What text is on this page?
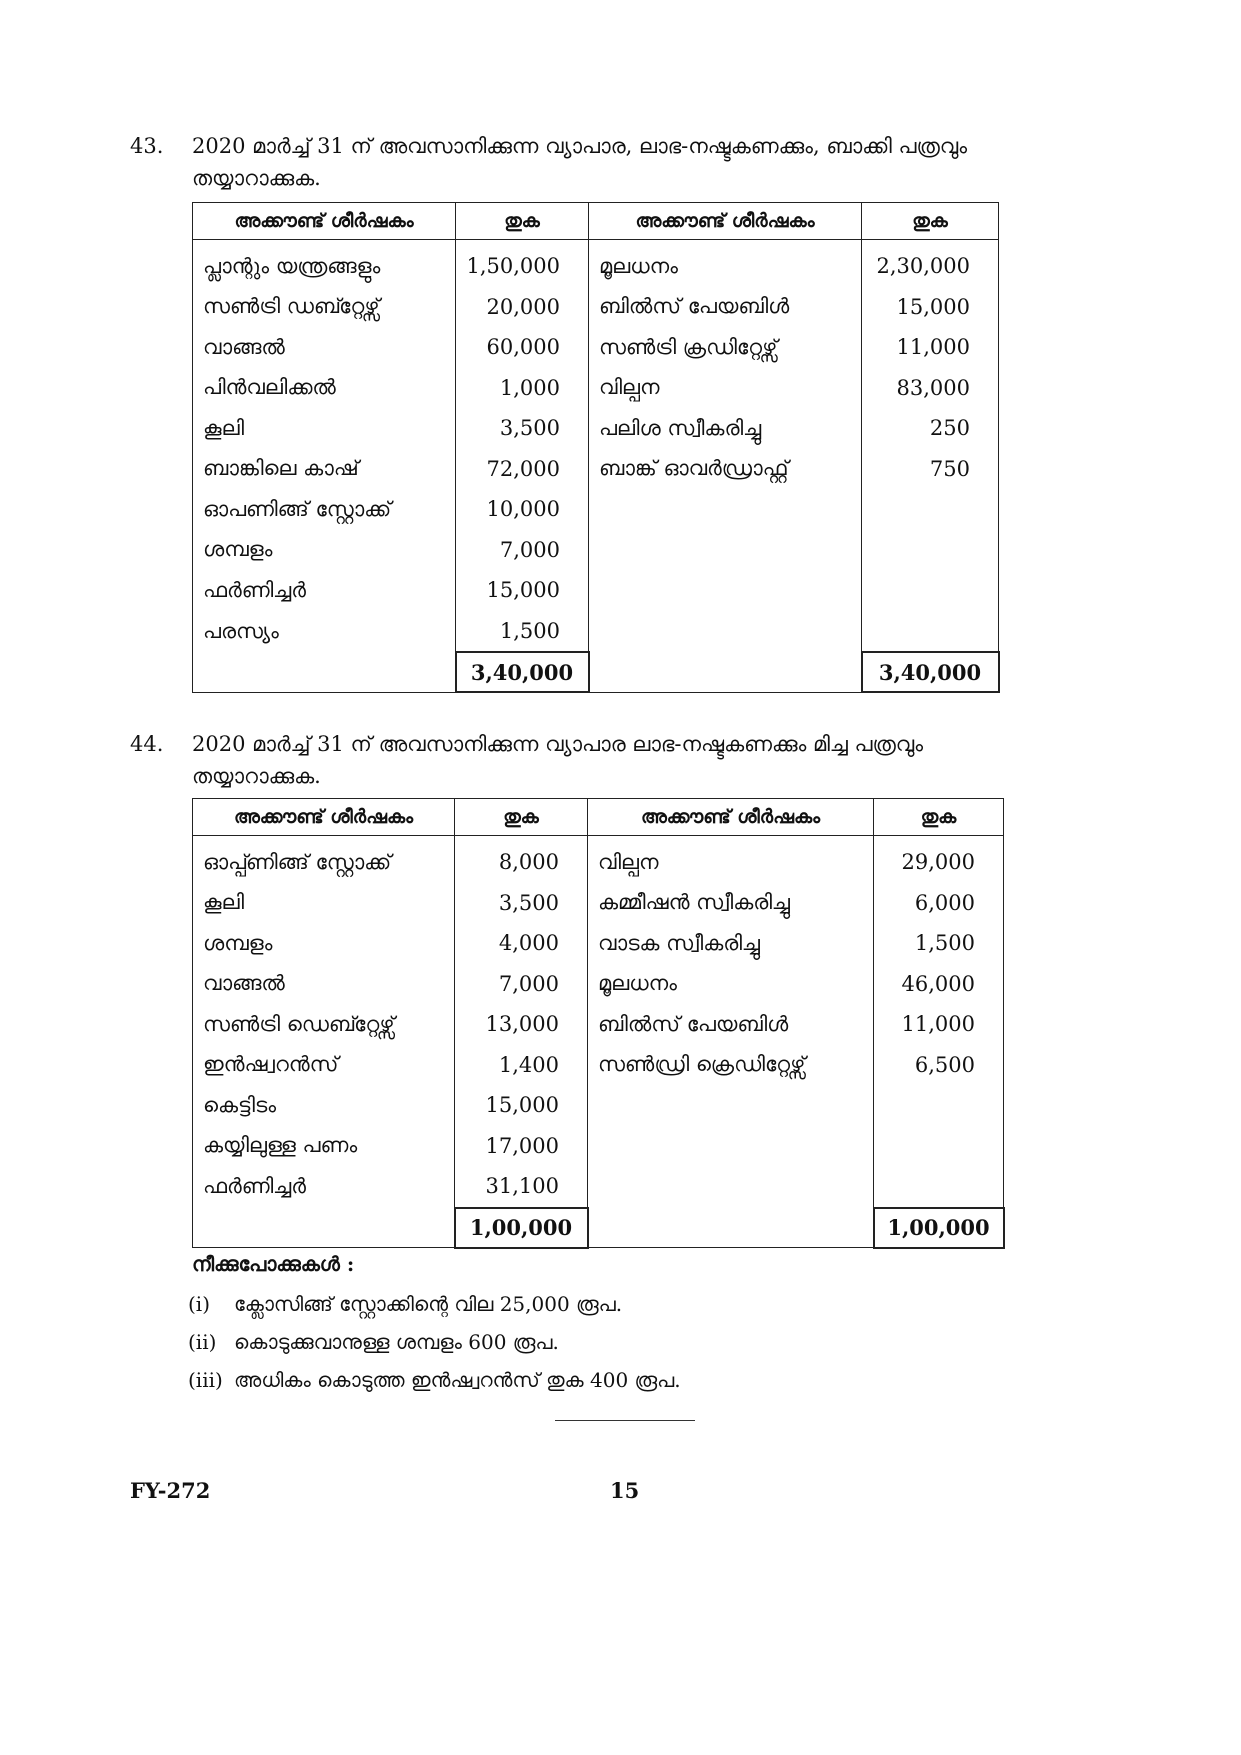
43. 2020 മാർച്ച് 31 ന് അവസാനിക്കുന്ന വ്യാപാര, ലാഭ-നഷ്ടകണക്കും, ബാക്കി പത്രവും
തയ്യാറാക്കുക.
അക്കൗണ്ട് ശീർഷകം	തുക	അക്കൗണ്ട് ശീർഷകം	തുക
പ്ലാന്റും യന്ത്രങ്ങളും	1,50,000	മൂലധനം	2,30,000
സൺട്രി ഡബ്റ്റേഴ്സ്	20,000	ബിൽസ് പേയബിൾ	15,000
വാങ്ങൽ	60,000	സൺട്രി ക്രഡിറ്റേഴ്സ്	11,000
പിൻവലിക്കൽ	1,000	വില്പന	83,000
കൂലി	3,500	പലിശ സ്വീകരിച്ചു	250
ബാങ്കിലെ കാഷ്	72,000	ബാങ്ക് ഓവർഡ്രാഫ്റ്റ്	750
ഓപണിങ്ങ് സ്റ്റോക്ക്	10,000		
ശമ്പളം	7,000		
ഫർണിച്ചർ	15,000		
പരസ്യം	1,500		
	3,40,000		3,40,000
44. 2020 മാർച്ച് 31 ന് അവസാനിക്കുന്ന വ്യാപാര ലാഭ-നഷ്ടകണക്കും മിച്ച പത്രവും
തയ്യാറാക്കുക.
അക്കൗണ്ട് ശീർഷകം	തുക	അക്കൗണ്ട് ശീർഷകം	തുക
ഓപ്പ്ണിങ്ങ് സ്റ്റോക്ക്	8,000	വില്പന	29,000
കൂലി	3,500	കമ്മീഷൻ സ്വീകരിച്ചു	6,000
ശമ്പളം	4,000	വാടക സ്വീകരിച്ചു	1,500
വാങ്ങൽ	7,000	മൂലധനം	46,000
സൺട്രി ഡെബ്റ്റേഴ്സ്	13,000	ബിൽസ് പേയബിൾ	11,000
ഇൻഷ്വറൻസ്	1,400	സൺഡ്രി ക്രെഡിറ്റേഴ്സ്	6,500
കെട്ടിടം	15,000		
കയ്യിലുള്ള പണം	17,000		
ഫർണിച്ചർ	31,100		
	1,00,000		1,00,000
നീക്കുപോക്കുകൾ :
(i) ക്ലോസിങ്ങ് സ്റ്റോക്കിന്റെ വില 25,000 രൂപ.
(ii) കൊടുക്കുവാനുള്ള ശമ്പളം 600 രൂപ.
(iii) അധികം കൊടുത്ത ഇൻഷ്വറൻസ് തുക 400 രൂപ.
FY-272	15
